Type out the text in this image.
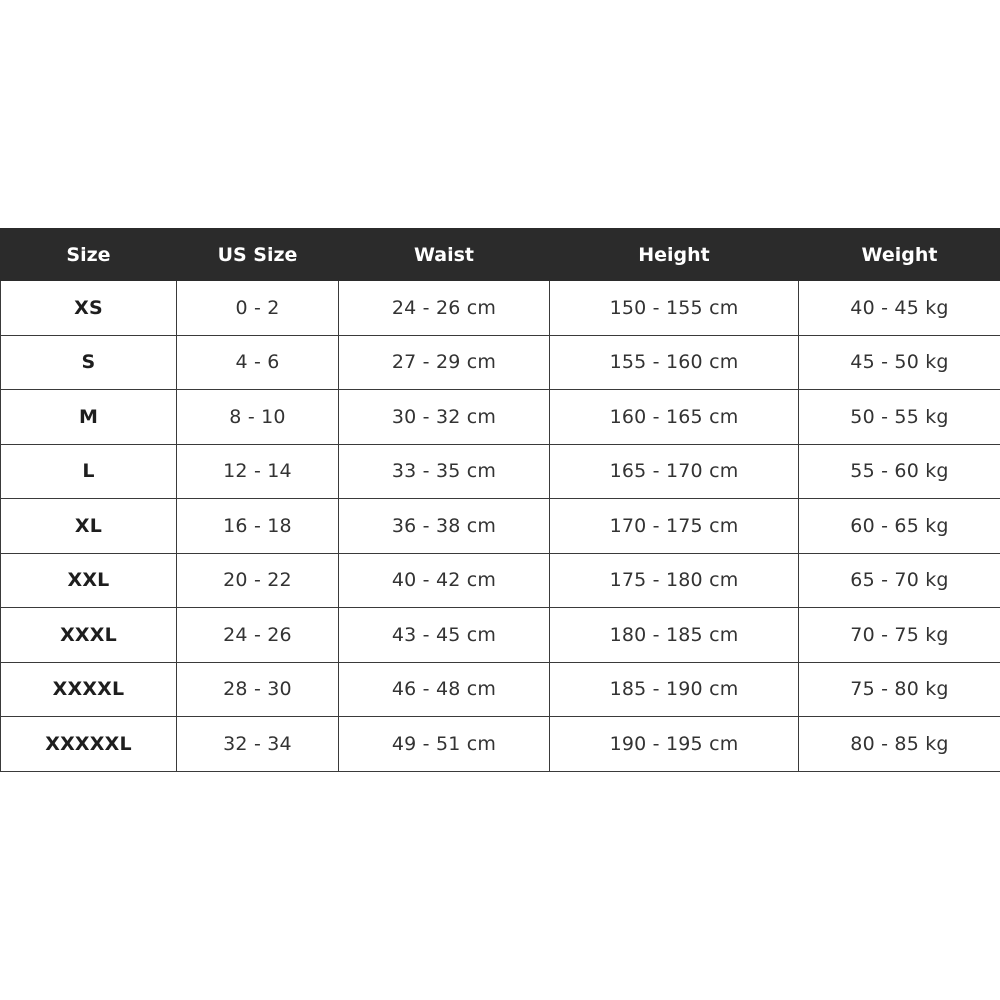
Size	US Size	Waist	Height	Weight
XS	0 - 2	24 - 26 cm	150 - 155 cm	40 - 45 kg
S	4 - 6	27 - 29 cm	155 - 160 cm	45 - 50 kg
M	8 - 10	30 - 32 cm	160 - 165 cm	50 - 55 kg
L	12 - 14	33 - 35 cm	165 - 170 cm	55 - 60 kg
XL	16 - 18	36 - 38 cm	170 - 175 cm	60 - 65 kg
XXL	20 - 22	40 - 42 cm	175 - 180 cm	65 - 70 kg
XXXL	24 - 26	43 - 45 cm	180 - 185 cm	70 - 75 kg
XXXXL	28 - 30	46 - 48 cm	185 - 190 cm	75 - 80 kg
XXXXXL	32 - 34	49 - 51 cm	190 - 195 cm	80 - 85 kg
